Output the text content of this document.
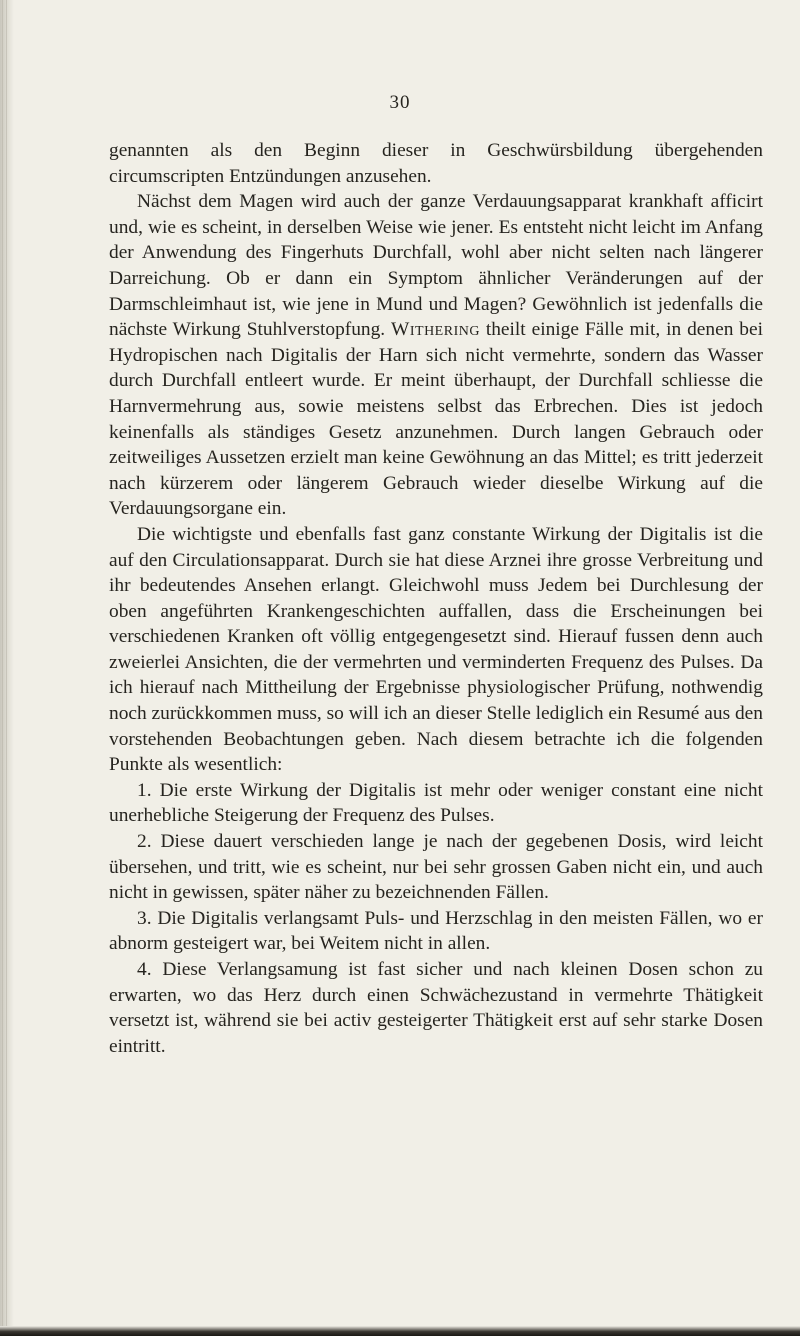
30

genannten als den Beginn dieser in Geschwürsbildung übergehenden circumscripten Entzündungen anzusehen.

Nächst dem Magen wird auch der ganze Verdauungsapparat krankhaft afficirt und, wie es scheint, in derselben Weise wie jener. Es entsteht nicht leicht im Anfang der Anwendung des Fingerhuts Durchfall, wohl aber nicht selten nach längerer Darreichung. Ob er dann ein Symptom ähnlicher Veränderungen auf der Darmschleimhaut ist, wie jene in Mund und Magen? Gewöhnlich ist jedenfalls die nächste Wirkung Stuhlverstopfung. Withering theilt einige Fälle mit, in denen bei Hydropischen nach Digitalis der Harn sich nicht vermehrte, sondern das Wasser durch Durchfall entleert wurde. Er meint überhaupt, der Durchfall schliesse die Harnvermehrung aus, sowie meistens selbst das Erbrechen. Dies ist jedoch keinenfalls als ständiges Gesetz anzunehmen. Durch langen Gebrauch oder zeitweiliges Aussetzen erzielt man keine Gewöhnung an das Mittel; es tritt jederzeit nach kürzerem oder längerem Gebrauch wieder dieselbe Wirkung auf die Verdauungsorgane ein.

Die wichtigste und ebenfalls fast ganz constante Wirkung der Digitalis ist die auf den Circulationsapparat. Durch sie hat diese Arznei ihre grosse Verbreitung und ihr bedeutendes Ansehen erlangt. Gleichwohl muss Jedem bei Durchlesung der oben angeführten Krankengeschichten auffallen, dass die Erscheinungen bei verschiedenen Kranken oft völlig entgegengesetzt sind. Hierauf fussen denn auch zweierlei Ansichten, die der vermehrten und verminderten Frequenz des Pulses. Da ich hierauf nach Mittheilung der Ergebnisse physiologischer Prüfung, nothwendig noch zurückkommen muss, so will ich an dieser Stelle lediglich ein Resumé aus den vorstehenden Beobachtungen geben. Nach diesem betrachte ich die folgenden Punkte als wesentlich:

1. Die erste Wirkung der Digitalis ist mehr oder weniger constant eine nicht unerhebliche Steigerung der Frequenz des Pulses.

2. Diese dauert verschieden lange je nach der gegebenen Dosis, wird leicht übersehen, und tritt, wie es scheint, nur bei sehr grossen Gaben nicht ein, und auch nicht in gewissen, später näher zu bezeichnenden Fällen.

3. Die Digitalis verlangsamt Puls- und Herzschlag in den meisten Fällen, wo er abnorm gesteigert war, bei Weitem nicht in allen.

4. Diese Verlangsamung ist fast sicher und nach kleinen Dosen schon zu erwarten, wo das Herz durch einen Schwächezustand in vermehrte Thätigkeit versetzt ist, während sie bei activ gesteigerter Thätigkeit erst auf sehr starke Dosen eintritt.
